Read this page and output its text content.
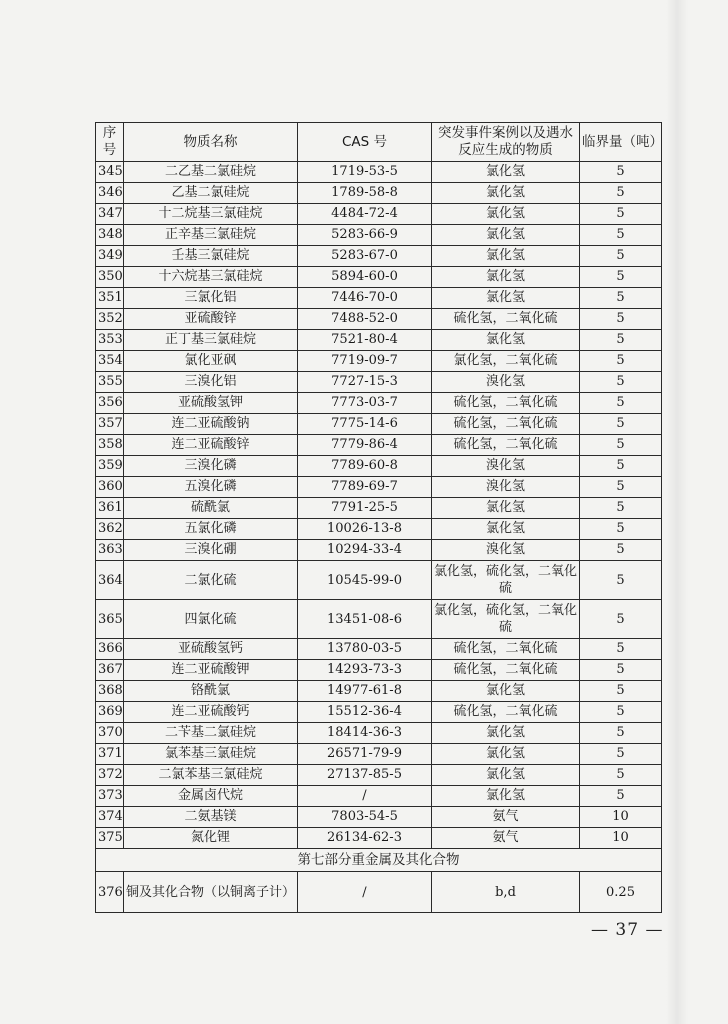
序号	物质名称	CAS 号	突发事件案例以及遇水反应生成的物质	临界量（吨）
345	二乙基二氯硅烷	1719-53-5	氯化氢	5
346	乙基二氯硅烷	1789-58-8	氯化氢	5
347	十二烷基三氯硅烷	4484-72-4	氯化氢	5
348	正辛基三氯硅烷	5283-66-9	氯化氢	5
349	壬基三氯硅烷	5283-67-0	氯化氢	5
350	十六烷基三氯硅烷	5894-60-0	氯化氢	5
351	三氯化铝	7446-70-0	氯化氢	5
352	亚硫酸锌	7488-52-0	硫化氢，二氧化硫	5
353	正丁基三氯硅烷	7521-80-4	氯化氢	5
354	氯化亚砜	7719-09-7	氯化氢，二氧化硫	5
355	三溴化铝	7727-15-3	溴化氢	5
356	亚硫酸氢钾	7773-03-7	硫化氢，二氧化硫	5
357	连二亚硫酸钠	7775-14-6	硫化氢，二氧化硫	5
358	连二亚硫酸锌	7779-86-4	硫化氢，二氧化硫	5
359	三溴化磷	7789-60-8	溴化氢	5
360	五溴化磷	7789-69-7	溴化氢	5
361	硫酰氯	7791-25-5	氯化氢	5
362	五氯化磷	10026-13-8	氯化氢	5
363	三溴化硼	10294-33-4	溴化氢	5
364	二氯化硫	10545-99-0	氯化氢，硫化氢，二氧化硫	5
365	四氯化硫	13451-08-6	氯化氢，硫化氢，二氧化硫	5
366	亚硫酸氢钙	13780-03-5	硫化氢，二氧化硫	5
367	连二亚硫酸钾	14293-73-3	硫化氢，二氧化硫	5
368	铬酰氯	14977-61-8	氯化氢	5
369	连二亚硫酸钙	15512-36-4	硫化氢，二氧化硫	5
370	二苄基二氯硅烷	18414-36-3	氯化氢	5
371	氯苯基三氯硅烷	26571-79-9	氯化氢	5
372	二氯苯基三氯硅烷	27137-85-5	氯化氢	5
373	金属卤代烷	/	氯化氢	5
374	二氨基镁	7803-54-5	氨气	10
375	氮化锂	26134-62-3	氨气	10
第七部分重金属及其化合物				
376	铜及其化合物（以铜离子计）	/	b,d	0.25
— 37 —
